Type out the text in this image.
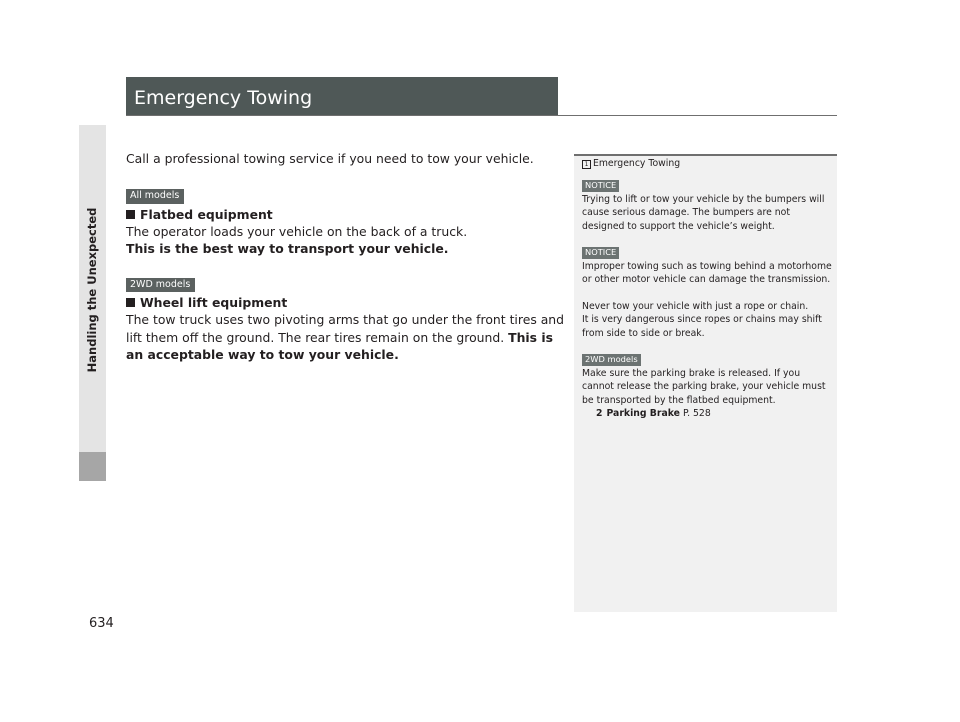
Handling the Unexpected
634
Emergency Towing

Call a professional towing service if you need to tow your vehicle.

All models

Flatbed equipment

The operator loads your vehicle on the back of a truck.

This is the best way to transport your vehicle.

2WD models

Wheel lift equipment

The tow truck uses two pivoting arms that go under the front tires and lift them off the ground. The rear tires remain on the ground. This is an acceptable way to tow your vehicle.

1 Emergency Towing

NOTICE

Trying to lift or tow your vehicle by the bumpers will cause serious damage. The bumpers are not designed to support the vehicle’s weight.

NOTICE

Improper towing such as towing behind a motorhome or other motor vehicle can damage the transmission.

Never tow your vehicle with just a rope or chain.

It is very dangerous since ropes or chains may shift from side to side or break.

2WD models

Make sure the parking brake is released. If you cannot release the parking brake, your vehicle must be transported by the flatbed equipment.

2 Parking Brake P. 528
